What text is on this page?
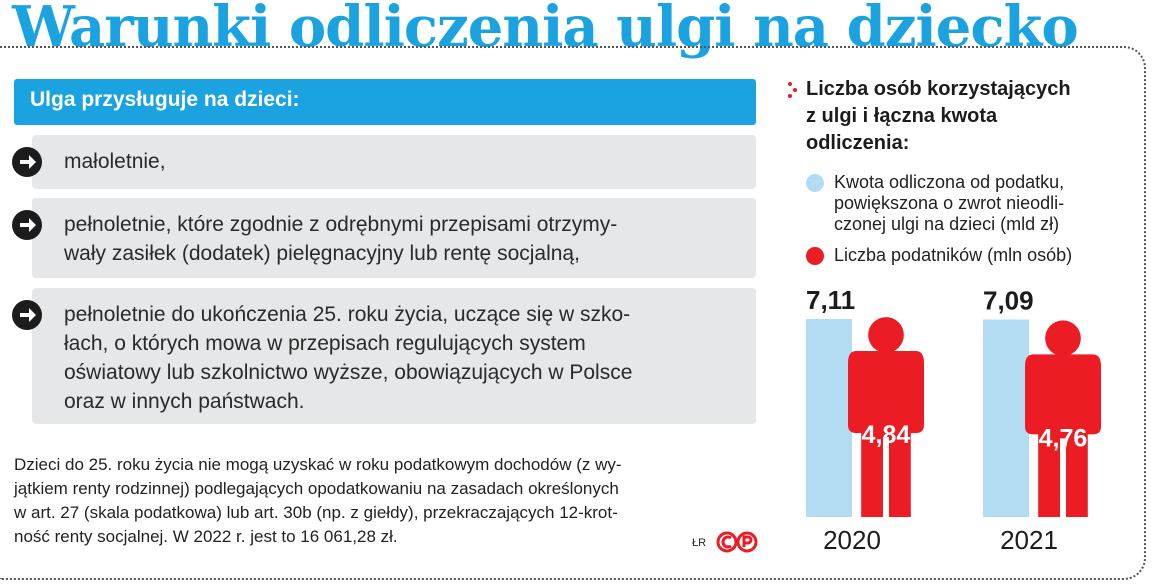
Warunki odliczenia ulgi na dziecko
Ulga przysługuje na dzieci:
małoletnie,
pełnoletnie, które zgodnie z odrębnymi przepisami otrzymy-
wały zasiłek (dodatek) pielęgnacyjny lub rentę socjalną,
pełnoletnie do ukończenia 25. roku życia, uczące się w szko-
łach, o których mowa w przepisach regulujących system
oświatowy lub szkolnictwo wyższe, obowiązujących w Polsce
oraz w innych państwach.
Dzieci do 25. roku życia nie mogą uzyskać w roku podatkowym dochodów (z wy-
jątkiem renty rodzinnej) podlegających opodatkowaniu na zasadach określonych
w art. 27 (skala podatkowa) lub art. 30b (np. z giełdy), przekraczających 12-krot-
ność renty socjalnej. W 2022 r. jest to 16 061,28 zł.	ŁR
Liczba osób korzystających
z ulgi i łączna kwota
odliczenia:
Kwota odliczona od podatku,
powiększona o zwrot nieodli-
czonej ulgi na dzieci (mld zł)
Liczba podatników (mln osób)
7,11
4,84
2020
7,09
4,76
2021
